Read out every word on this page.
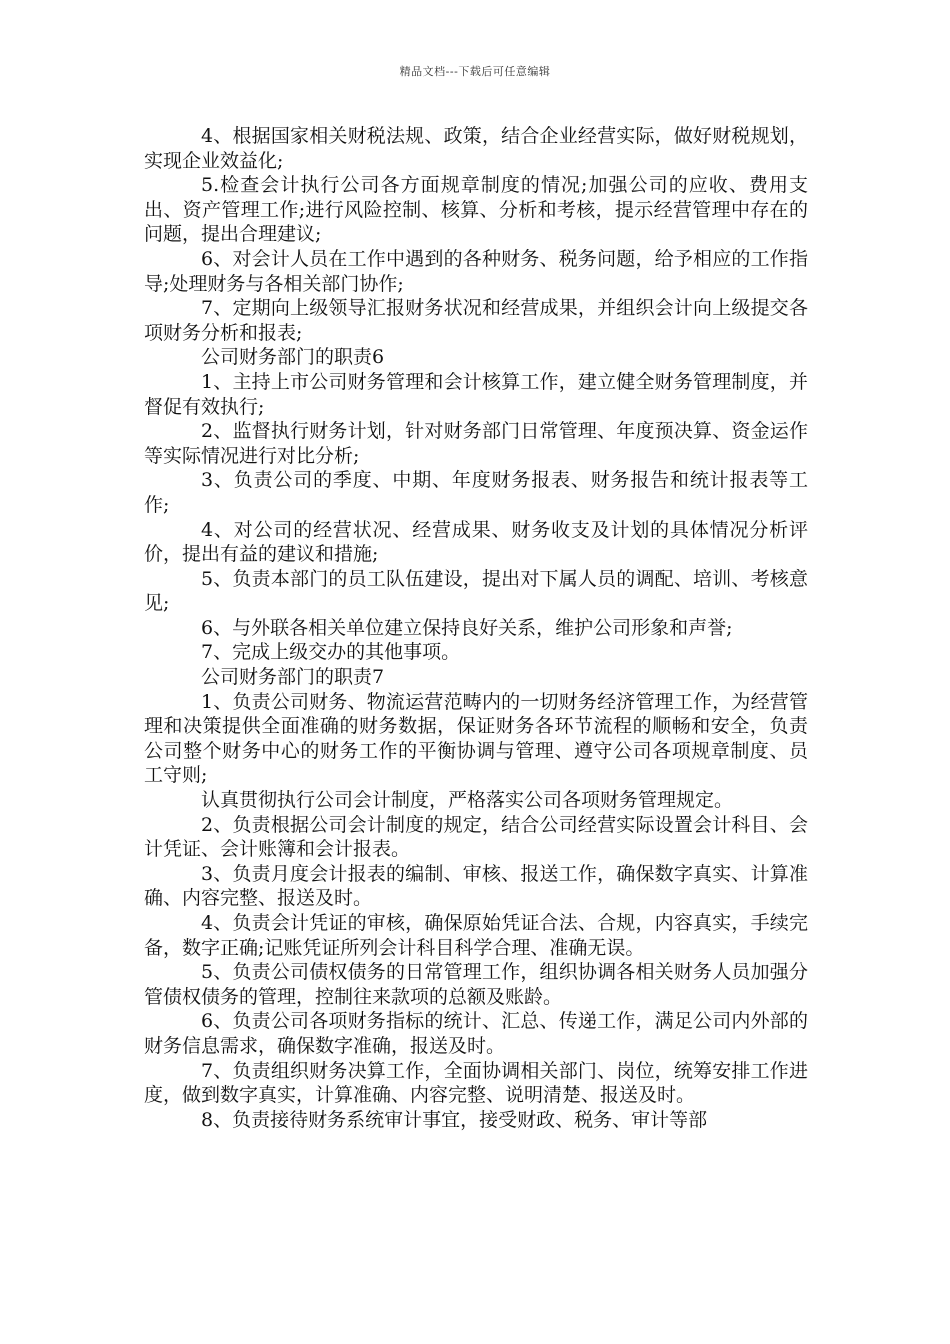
精品文档---下载后可任意编辑

4、根据国家相关财税法规、政策，结合企业经营实际，做好财税规划，实现企业效益化;

5.检查会计执行公司各方面规章制度的情况;加强公司的应收、费用支出、资产管理工作;进行风险控制、核算、分析和考核，提示经营管理中存在的问题，提出合理建议;

6、对会计人员在工作中遇到的各种财务、税务问题，给予相应的工作指导;处理财务与各相关部门协作;

7、定期向上级领导汇报财务状况和经营成果，并组织会计向上级提交各项财务分析和报表;

公司财务部门的职责6

1、主持上市公司财务管理和会计核算工作，建立健全财务管理制度，并督促有效执行;

2、监督执行财务计划，针对财务部门日常管理、年度预决算、资金运作等实际情况进行对比分析;

3、负责公司的季度、中期、年度财务报表、财务报告和统计报表等工作;

4、对公司的经营状况、经营成果、财务收支及计划的具体情况分析评价，提出有益的建议和措施;

5、负责本部门的员工队伍建设，提出对下属人员的调配、培训、考核意见;

6、与外联各相关单位建立保持良好关系，维护公司形象和声誉;

7、完成上级交办的其他事项。

公司财务部门的职责7

1、负责公司财务、物流运营范畴内的一切财务经济管理工作，为经营管理和决策提供全面准确的财务数据，保证财务各环节流程的顺畅和安全，负责公司整个财务中心的财务工作的平衡协调与管理、遵守公司各项规章制度、员工守则;

认真贯彻执行公司会计制度，严格落实公司各项财务管理规定。

2、负责根据公司会计制度的规定，结合公司经营实际设置会计科目、会计凭证、会计账簿和会计报表。

3、负责月度会计报表的编制、审核、报送工作，确保数字真实、计算准确、内容完整、报送及时。

4、负责会计凭证的审核，确保原始凭证合法、合规，内容真实，手续完备，数字正确;记账凭证所列会计科目科学合理、准确无误。

5、负责公司债权债务的日常管理工作，组织协调各相关财务人员加强分管债权债务的管理，控制往来款项的总额及账龄。

6、负责公司各项财务指标的统计、汇总、传递工作，满足公司内外部的财务信息需求，确保数字准确，报送及时。

7、负责组织财务决算工作，全面协调相关部门、岗位，统筹安排工作进度，做到数字真实，计算准确、内容完整、说明清楚、报送及时。

8、负责接待财务系统审计事宜，接受财政、税务、审计等部
